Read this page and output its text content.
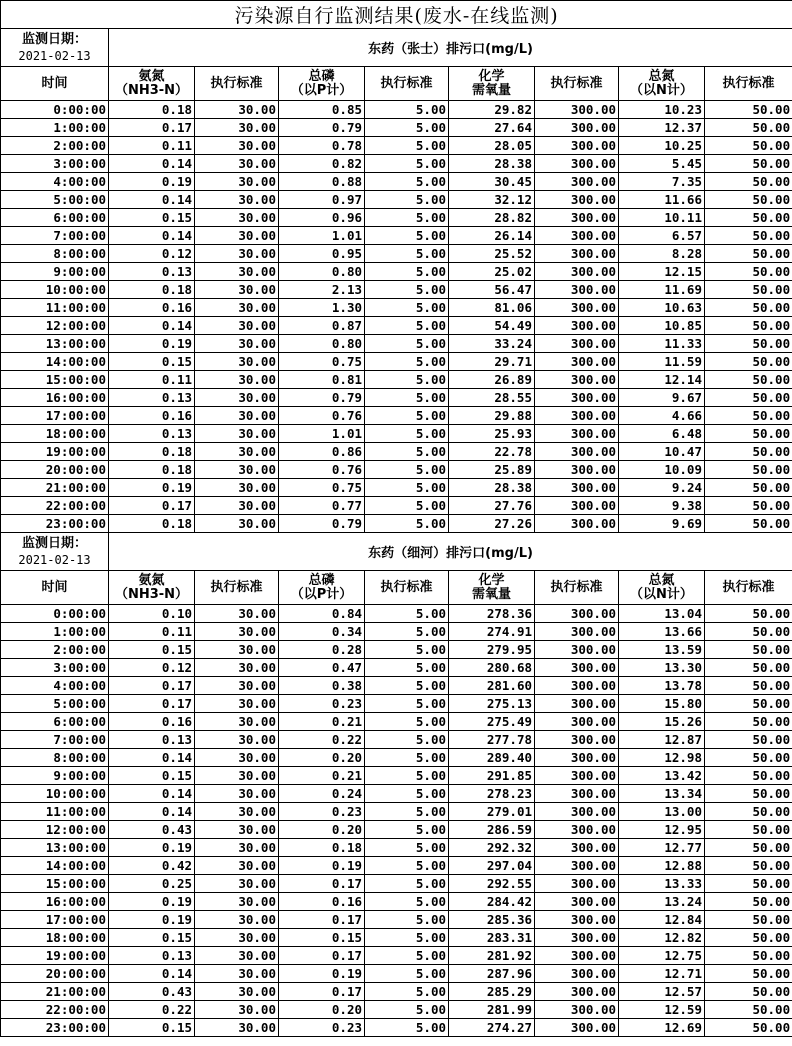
污染源自行监测结果(废水-在线监测)								

监测日期：
2021-02-13	东药（张士）排污口(mg/L)							

时间	氨氮
（NH3-N）	执行标准	总磷
（以P计）	执行标准	化学
需氧量	执行标准	总氮
（以N计）	执行标准

0:00:00	0.18	30.00	0.85	5.00	29.82	300.00	10.23	50.00
1:00:00	0.17	30.00	0.79	5.00	27.64	300.00	12.37	50.00
2:00:00	0.11	30.00	0.78	5.00	28.05	300.00	10.25	50.00
3:00:00	0.14	30.00	0.82	5.00	28.38	300.00	5.45	50.00
4:00:00	0.19	30.00	0.88	5.00	30.45	300.00	7.35	50.00
5:00:00	0.14	30.00	0.97	5.00	32.12	300.00	11.66	50.00
6:00:00	0.15	30.00	0.96	5.00	28.82	300.00	10.11	50.00
7:00:00	0.14	30.00	1.01	5.00	26.14	300.00	6.57	50.00
8:00:00	0.12	30.00	0.95	5.00	25.52	300.00	8.28	50.00
9:00:00	0.13	30.00	0.80	5.00	25.02	300.00	12.15	50.00
10:00:00	0.18	30.00	2.13	5.00	56.47	300.00	11.69	50.00
11:00:00	0.16	30.00	1.30	5.00	81.06	300.00	10.63	50.00
12:00:00	0.14	30.00	0.87	5.00	54.49	300.00	10.85	50.00
13:00:00	0.19	30.00	0.80	5.00	33.24	300.00	11.33	50.00
14:00:00	0.15	30.00	0.75	5.00	29.71	300.00	11.59	50.00
15:00:00	0.11	30.00	0.81	5.00	26.89	300.00	12.14	50.00
16:00:00	0.13	30.00	0.79	5.00	28.55	300.00	9.67	50.00
17:00:00	0.16	30.00	0.76	5.00	29.88	300.00	4.66	50.00
18:00:00	0.13	30.00	1.01	5.00	25.93	300.00	6.48	50.00
19:00:00	0.18	30.00	0.86	5.00	22.78	300.00	10.47	50.00
20:00:00	0.18	30.00	0.76	5.00	25.89	300.00	10.09	50.00
21:00:00	0.19	30.00	0.75	5.00	28.38	300.00	9.24	50.00
22:00:00	0.17	30.00	0.77	5.00	27.76	300.00	9.38	50.00
23:00:00	0.18	30.00	0.79	5.00	27.26	300.00	9.69	50.00

监测日期：
2021-02-13	东药（细河）排污口(mg/L)							

时间	氨氮
（NH3-N）	执行标准	总磷
（以P计）	执行标准	化学
需氧量	执行标准	总氮
（以N计）	执行标准

0:00:00	0.10	30.00	0.84	5.00	278.36	300.00	13.04	50.00
1:00:00	0.11	30.00	0.34	5.00	274.91	300.00	13.66	50.00
2:00:00	0.15	30.00	0.28	5.00	279.95	300.00	13.59	50.00
3:00:00	0.12	30.00	0.47	5.00	280.68	300.00	13.30	50.00
4:00:00	0.17	30.00	0.38	5.00	281.60	300.00	13.78	50.00
5:00:00	0.17	30.00	0.23	5.00	275.13	300.00	15.80	50.00
6:00:00	0.16	30.00	0.21	5.00	275.49	300.00	15.26	50.00
7:00:00	0.13	30.00	0.22	5.00	277.78	300.00	12.87	50.00
8:00:00	0.14	30.00	0.20	5.00	289.40	300.00	12.98	50.00
9:00:00	0.15	30.00	0.21	5.00	291.85	300.00	13.42	50.00
10:00:00	0.14	30.00	0.24	5.00	278.23	300.00	13.34	50.00
11:00:00	0.14	30.00	0.23	5.00	279.01	300.00	13.00	50.00
12:00:00	0.43	30.00	0.20	5.00	286.59	300.00	12.95	50.00
13:00:00	0.19	30.00	0.18	5.00	292.32	300.00	12.77	50.00
14:00:00	0.42	30.00	0.19	5.00	297.04	300.00	12.88	50.00
15:00:00	0.25	30.00	0.17	5.00	292.55	300.00	13.33	50.00
16:00:00	0.19	30.00	0.16	5.00	284.42	300.00	13.24	50.00
17:00:00	0.19	30.00	0.17	5.00	285.36	300.00	12.84	50.00
18:00:00	0.15	30.00	0.15	5.00	283.31	300.00	12.82	50.00
19:00:00	0.13	30.00	0.17	5.00	281.92	300.00	12.75	50.00
20:00:00	0.14	30.00	0.19	5.00	287.96	300.00	12.71	50.00
21:00:00	0.43	30.00	0.17	5.00	285.29	300.00	12.57	50.00
22:00:00	0.22	30.00	0.20	5.00	281.99	300.00	12.59	50.00
23:00:00	0.15	30.00	0.23	5.00	274.27	300.00	12.69	50.00
